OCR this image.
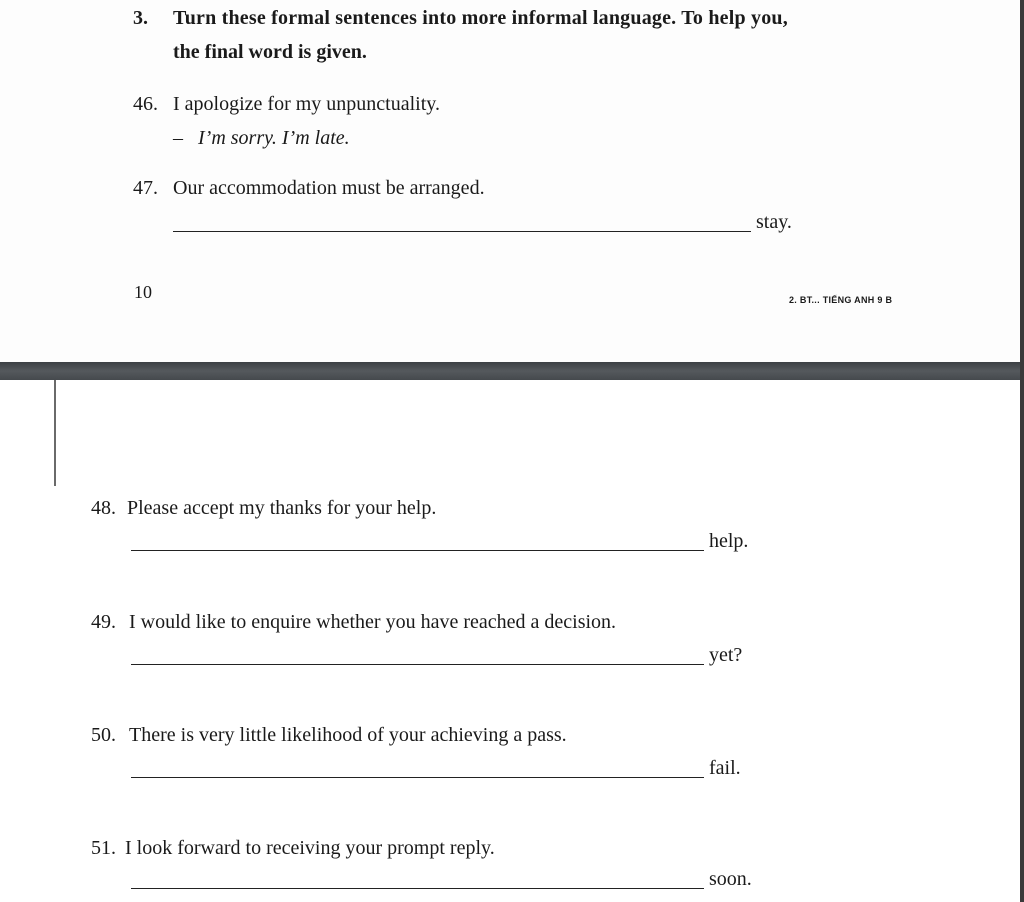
3. Turn these formal sentences into more informal language. To help you,
the final word is given.
46. I apologize for my unpunctuality.
– I’m sorry. I’m late.
47. Our accommodation must be arranged.
stay.
10	2. BT... TIẾNG ANH 9 B
48. Please accept my thanks for your help.
help.
49. I would like to enquire whether you have reached a decision.
yet?
50. There is very little likelihood of your achieving a pass.
fail.
51. I look forward to receiving your prompt reply.
soon.
